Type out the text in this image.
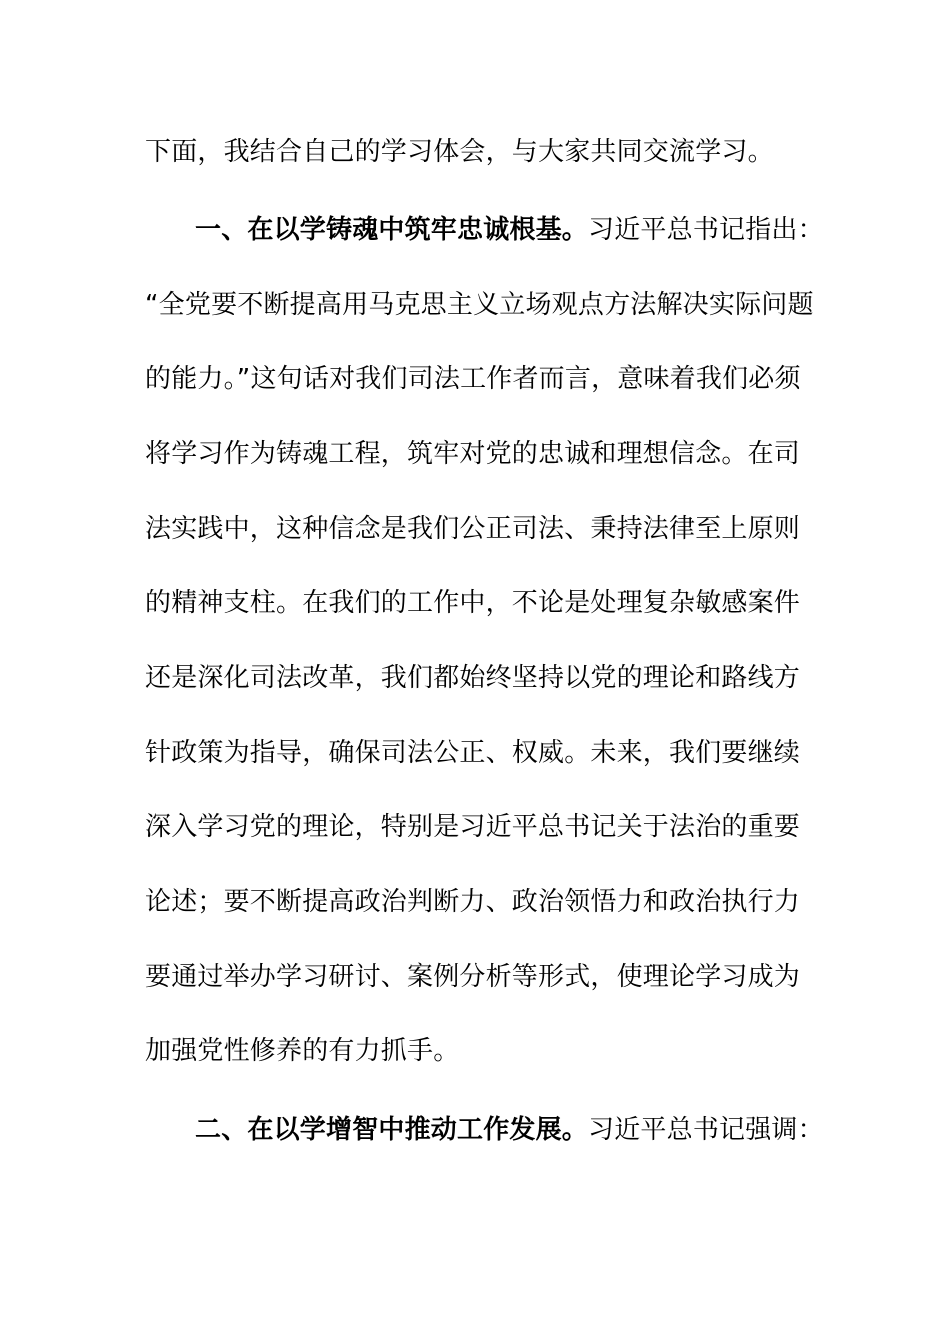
下面，我结合自己的学习体会，与大家共同交流学习。
一、在以学铸魂中筑牢忠诚根基。习近平总书记指出：
“全党要不断提高用马克思主义立场观点方法解决实际问题
的能力。”这句话对我们司法工作者而言，意味着我们必须
将学习作为铸魂工程，筑牢对党的忠诚和理想信念。在司
法实践中，这种信念是我们公正司法、秉持法律至上原则
的精神支柱。在我们的工作中，不论是处理复杂敏感案件
还是深化司法改革，我们都始终坚持以党的理论和路线方
针政策为指导，确保司法公正、权威。未来，我们要继续
深入学习党的理论，特别是习近平总书记关于法治的重要
论述；要不断提高政治判断力、政治领悟力和政治执行力
要通过举办学习研讨、案例分析等形式，使理论学习成为
加强党性修养的有力抓手。
二、在以学增智中推动工作发展。习近平总书记强调：
